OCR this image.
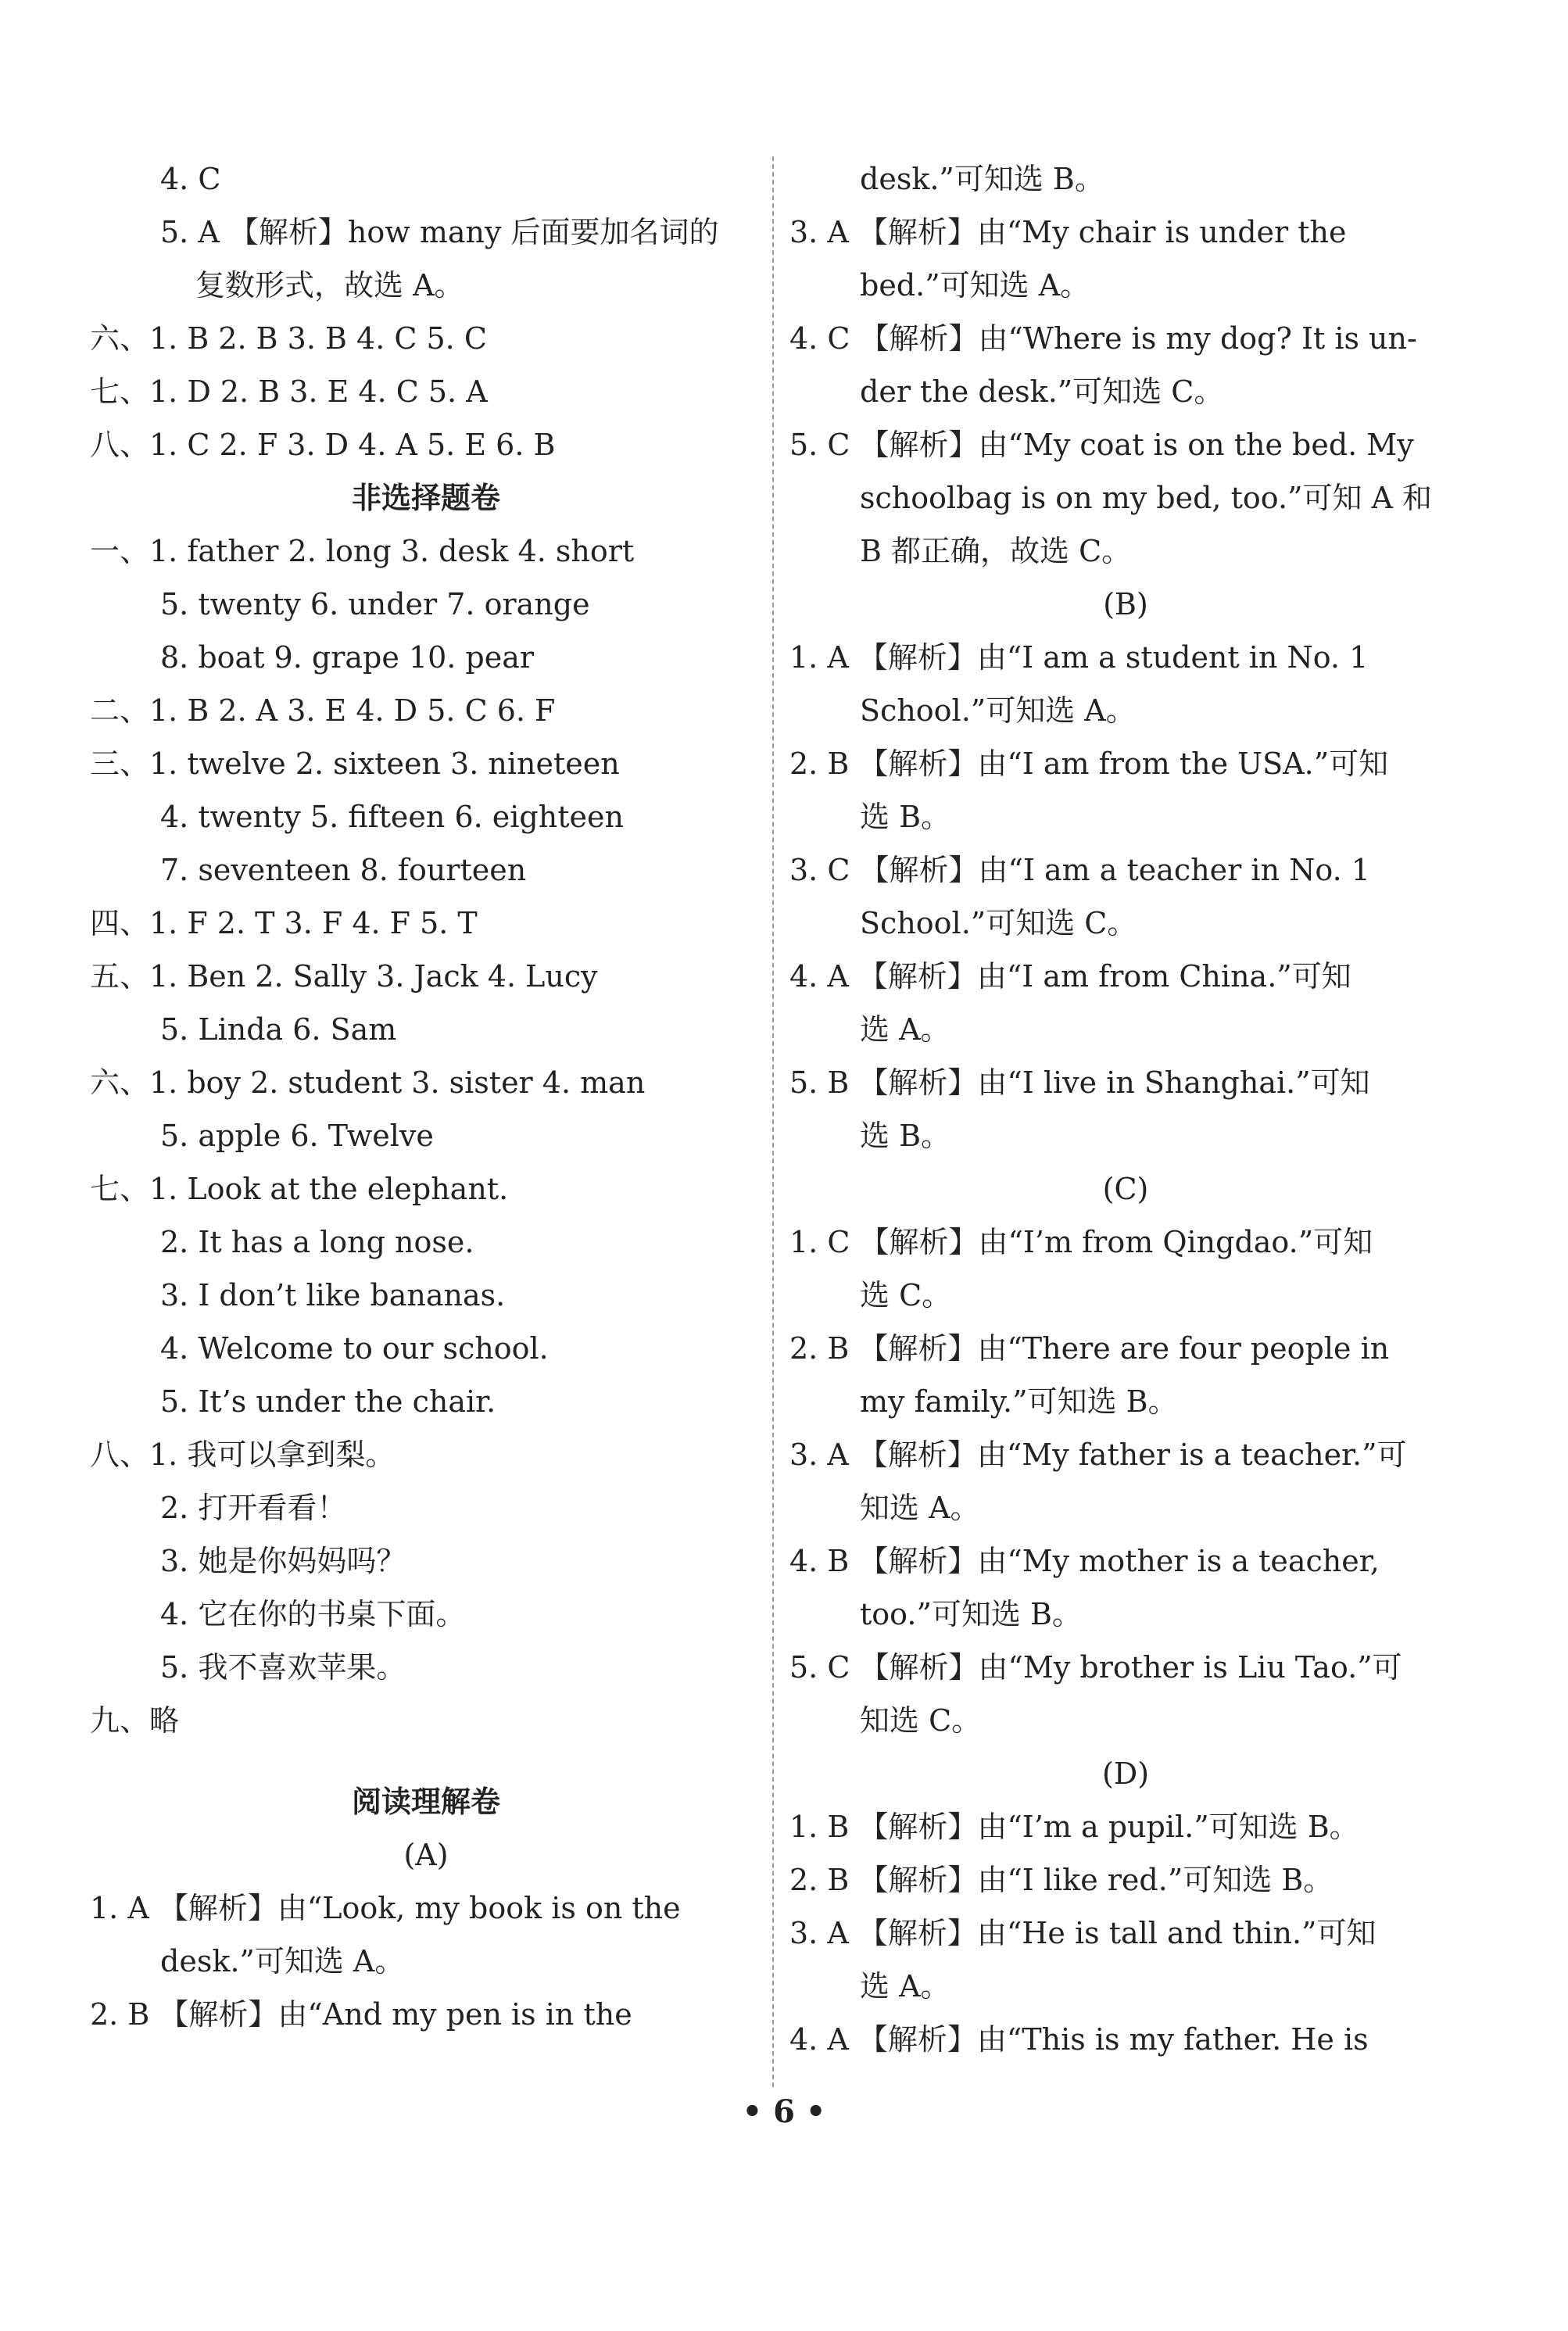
4. C
5. A 【解析】how many 后面要加名词的
复数形式，故选 A。
六、1. B 2. B 3. B 4. C 5. C
七、1. D 2. B 3. E 4. C 5. A
八、1. C 2. F 3. D 4. A 5. E 6. B
非选择题卷
一、1. father 2. long 3. desk 4. short
5. twenty 6. under 7. orange
8. boat 9. grape 10. pear
二、1. B 2. A 3. E 4. D 5. C 6. F
三、1. twelve 2. sixteen 3. nineteen
4. twenty 5. fifteen 6. eighteen
7. seventeen 8. fourteen
四、1. F 2. T 3. F 4. F 5. T
五、1. Ben 2. Sally 3. Jack 4. Lucy
5. Linda 6. Sam
六、1. boy 2. student 3. sister 4. man
5. apple 6. Twelve
七、1. Look at the elephant.
2. It has a long nose.
3. I don’t like bananas.
4. Welcome to our school.
5. It’s under the chair.
八、1. 我可以拿到梨。
2. 打开看看！
3. 她是你妈妈吗？
4. 它在你的书桌下面。
5. 我不喜欢苹果。
九、略
阅读理解卷
(A)
1. A 【解析】由“Look, my book is on the
desk.”可知选 A。
2. B 【解析】由“And my pen is in the
desk.”可知选 B。
3. A 【解析】由“My chair is under the
bed.”可知选 A。
4. C 【解析】由“Where is my dog? It is un-
der the desk.”可知选 C。
5. C 【解析】由“My coat is on the bed. My
schoolbag is on my bed, too.”可知 A 和
B 都正确，故选 C。
(B)
1. A 【解析】由“I am a student in No. 1
School.”可知选 A。
2. B 【解析】由“I am from the USA.”可知
选 B。
3. C 【解析】由“I am a teacher in No. 1
School.”可知选 C。
4. A 【解析】由“I am from China.”可知
选 A。
5. B 【解析】由“I live in Shanghai.”可知
选 B。
(C)
1. C 【解析】由“I’m from Qingdao.”可知
选 C。
2. B 【解析】由“There are four people in
my family.”可知选 B。
3. A 【解析】由“My father is a teacher.”可
知选 A。
4. B 【解析】由“My mother is a teacher,
too.”可知选 B。
5. C 【解析】由“My brother is Liu Tao.”可
知选 C。
(D)
1. B 【解析】由“I’m a pupil.”可知选 B。
2. B 【解析】由“I like red.”可知选 B。
3. A 【解析】由“He is tall and thin.”可知
选 A。
4. A 【解析】由“This is my father. He is
• 6 •
